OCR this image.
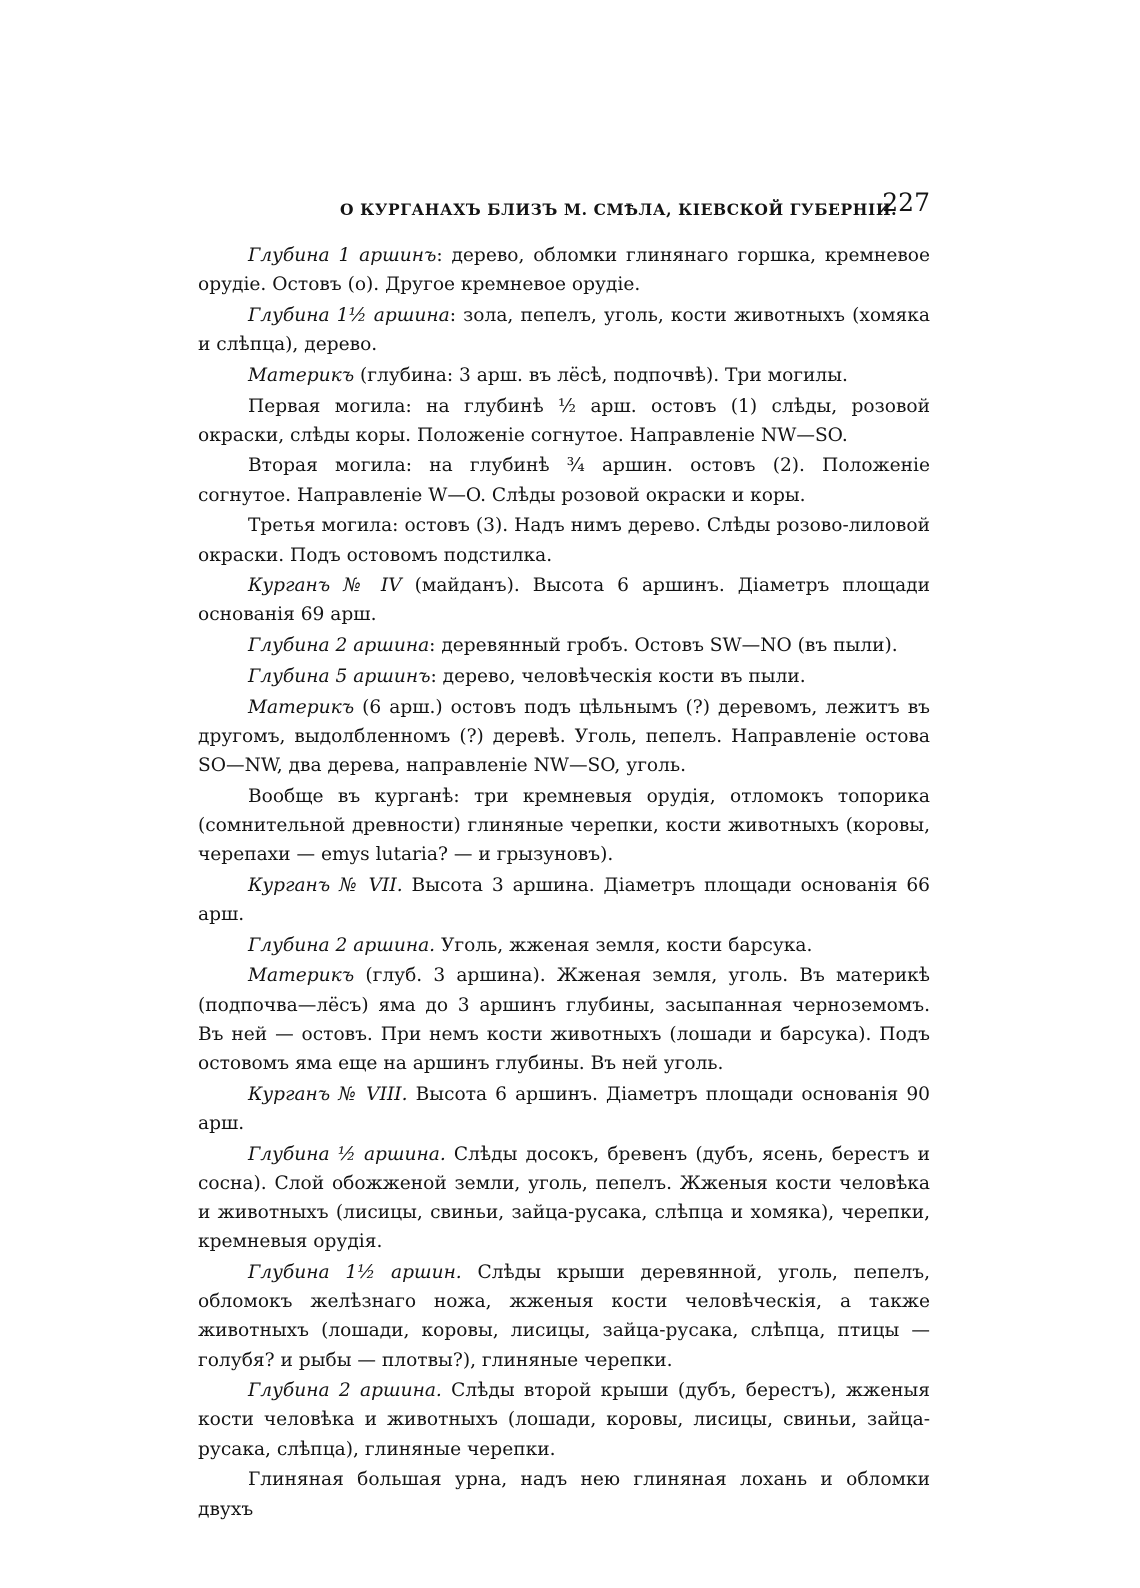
О КУРГАНАХЪ БЛИЗЪ М. СМѢЛА, КІЕВСКОЙ ГУБЕРНІИ.
227

Глубина 1 аршинъ: дерево, обломки глинянаго горшка, кремневое орудіе. Остовъ (о). Другое кремневое орудіе.

Глубина 1½ аршина: зола, пепелъ, уголь, кости животныхъ (хомяка и слѣпца), дерево.

Материкъ (глубина: 3 арш. въ лёсѣ, подпочвѣ). Три могилы.

Первая могила: на глубинѣ ½ арш. остовъ (1) слѣды, розовой окраски, слѣды коры. Положеніе согнутое. Направленіе NW—SO.

Вторая могила: на глубинѣ ¾ аршин. остовъ (2). Положеніе согнутое. Направленіе W—O. Слѣды розовой окраски и коры.

Третья могила: остовъ (3). Надъ нимъ дерево. Слѣды розово-лиловой окраски. Подъ остовомъ подстилка.

Курганъ № IV (майданъ). Высота 6 аршинъ. Діаметръ площади основанія 69 арш.

Глубина 2 аршина: деревянный гробъ. Остовъ SW—NO (въ пыли).

Глубина 5 аршинъ: дерево, человѣческія кости въ пыли.

Материкъ (6 арш.) остовъ подъ цѣльнымъ (?) деревомъ, лежитъ въ другомъ, выдолбленномъ (?) деревѣ. Уголь, пепелъ. Направленіе остова SO—NW, два дерева, направленіе NW—SO, уголь.

Вообще въ курганѣ: три кремневыя орудія, отломокъ топорика (сомнительной древности) глиняные черепки, кости животныхъ (коровы, черепахи — emys lutaria? — и грызуновъ).

Курганъ № VII. Высота 3 аршина. Діаметръ площади основанія 66 арш.

Глубина 2 аршина. Уголь, жженая земля, кости барсука.

Материкъ (глуб. 3 аршина). Жженая земля, уголь. Въ материкѣ (подпочва—лёсъ) яма до 3 аршинъ глубины, засыпанная черноземомъ. Въ ней — остовъ. При немъ кости животныхъ (лошади и барсука). Подъ остовомъ яма еще на аршинъ глубины. Въ ней уголь.

Курганъ № VIII. Высота 6 аршинъ. Діаметръ площади основанія 90 арш.

Глубина ½ аршина. Слѣды досокъ, бревенъ (дубъ, ясень, берестъ и сосна). Слой обожженой земли, уголь, пепелъ. Жженыя кости человѣка и животныхъ (лисицы, свиньи, зайца-русака, слѣпца и хомяка), черепки, кремневыя орудія.

Глубина 1½ аршин. Слѣды крыши деревянной, уголь, пепелъ, обломокъ желѣзнаго ножа, жженыя кости человѣческія, а также животныхъ (лошади, коровы, лисицы, зайца-русака, слѣпца, птицы — голубя? и рыбы — плотвы?), глиняные черепки.

Глубина 2 аршина. Слѣды второй крыши (дубъ, берестъ), жженыя кости человѣка и животныхъ (лошади, коровы, лисицы, свиньи, зайца-русака, слѣпца), глиняные черепки.

Глиняная большая урна, надъ нею глиняная лохань и обломки двухъ
